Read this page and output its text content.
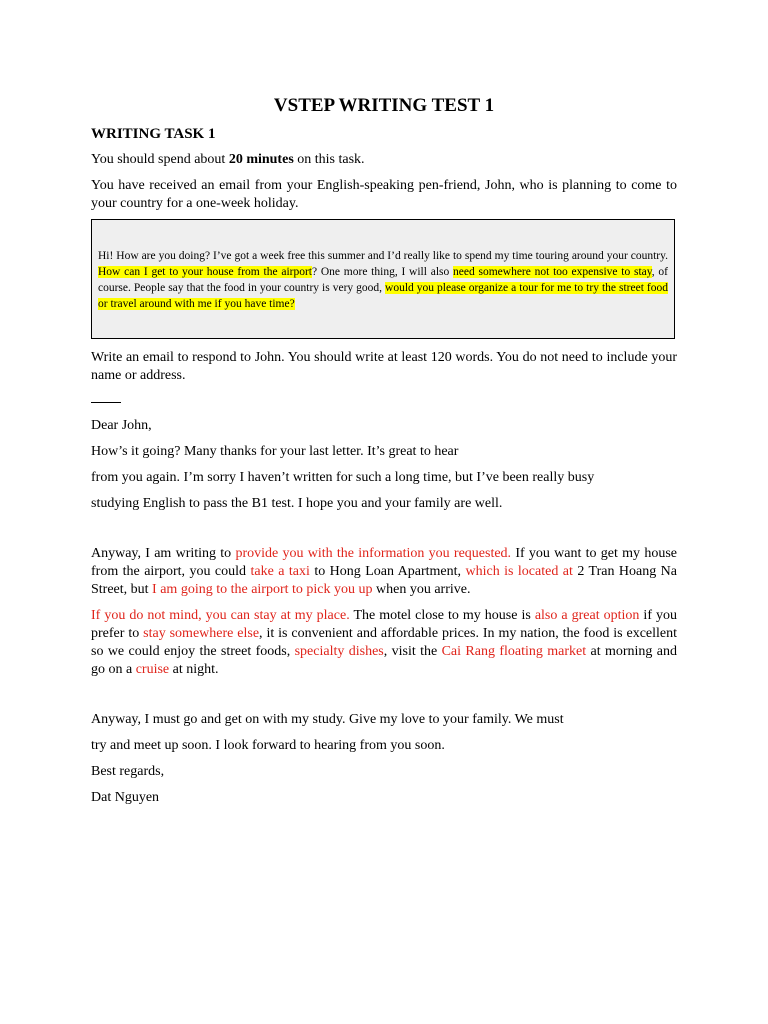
VSTEP WRITING TEST 1

WRITING TASK 1

You should spend about 20 minutes on this task.

You have received an email from your English-speaking pen-friend, John, who is planning to come to your country for a one-week holiday.

Hi! How are you doing? I’ve got a week free this summer and I’d really like to spend my time touring around your country. How can I get to your house from the airport? One more thing, I will also need somewhere not too expensive to stay, of course. People say that the food in your country is very good, would you please organize a tour for me to try the street food or travel around with me if you have time?

Write an email to respond to John. You should write at least 120 words. You do not need to include your name or address.

Dear John,

How’s it going? Many thanks for your last letter. It’s great to hear

from you again. I’m sorry I haven’t written for such a long time, but I’ve been really busy

studying English to pass the B1 test. I hope you and your family are well.

Anyway, I am writing to provide you with the information you requested. If you want to get my house from the airport, you could take a taxi to Hong Loan Apartment, which is located at 2 Tran Hoang Na Street, but I am going to the airport to pick you up when you arrive.

If you do not mind, you can stay at my place. The motel close to my house is also a great option if you prefer to stay somewhere else, it is convenient and affordable prices. In my nation, the food is excellent so we could enjoy the street foods, specialty dishes, visit the Cai Rang floating market at morning and go on a cruise at night.

Anyway, I must go and get on with my study. Give my love to your family. We must

try and meet up soon. I look forward to hearing from you soon.

Best regards,

Dat Nguyen
